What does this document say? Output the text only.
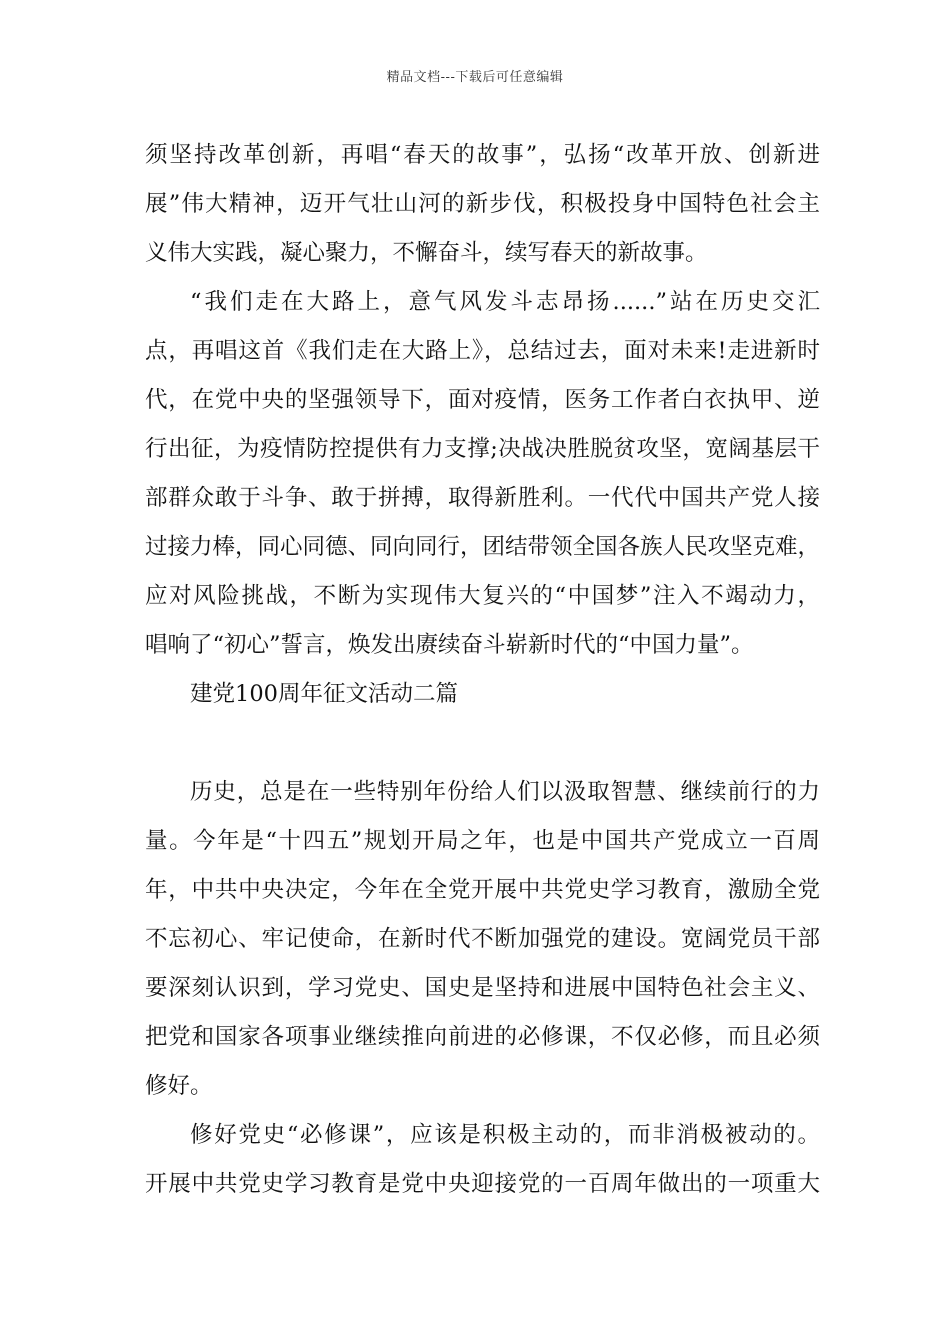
精品文档---下载后可任意编辑
须坚持改革创新，再唱“春天的故事”，弘扬“改革开放、创新进
展”伟大精神，迈开气壮山河的新步伐，积极投身中国特色社会主
义伟大实践，凝心聚力，不懈奋斗，续写春天的新故事。
“我们走在大路上，意气风发斗志昂扬......”站在历史交汇
点，再唱这首《我们走在大路上》，总结过去，面对未来!走进新时
代，在党中央的坚强领导下，面对疫情，医务工作者白衣执甲、逆
行出征，为疫情防控提供有力支撑;决战决胜脱贫攻坚，宽阔基层干
部群众敢于斗争、敢于拼搏，取得新胜利。一代代中国共产党人接
过接力棒，同心同德、同向同行，团结带领全国各族人民攻坚克难，
应对风险挑战，不断为实现伟大复兴的“中国梦”注入不竭动力，
唱响了“初心”誓言，焕发出赓续奋斗崭新时代的“中国力量”。
建党100周年征文活动二篇
历史，总是在一些特别年份给人们以汲取智慧、继续前行的力
量。今年是“十四五”规划开局之年，也是中国共产党成立一百周
年，中共中央决定，今年在全党开展中共党史学习教育，激励全党
不忘初心、牢记使命，在新时代不断加强党的建设。宽阔党员干部
要深刻认识到，学习党史、国史是坚持和进展中国特色社会主义、
把党和国家各项事业继续推向前进的必修课，不仅必修，而且必须
修好。
修好党史“必修课”，应该是积极主动的，而非消极被动的。
开展中共党史学习教育是党中央迎接党的一百周年做出的一项重大
